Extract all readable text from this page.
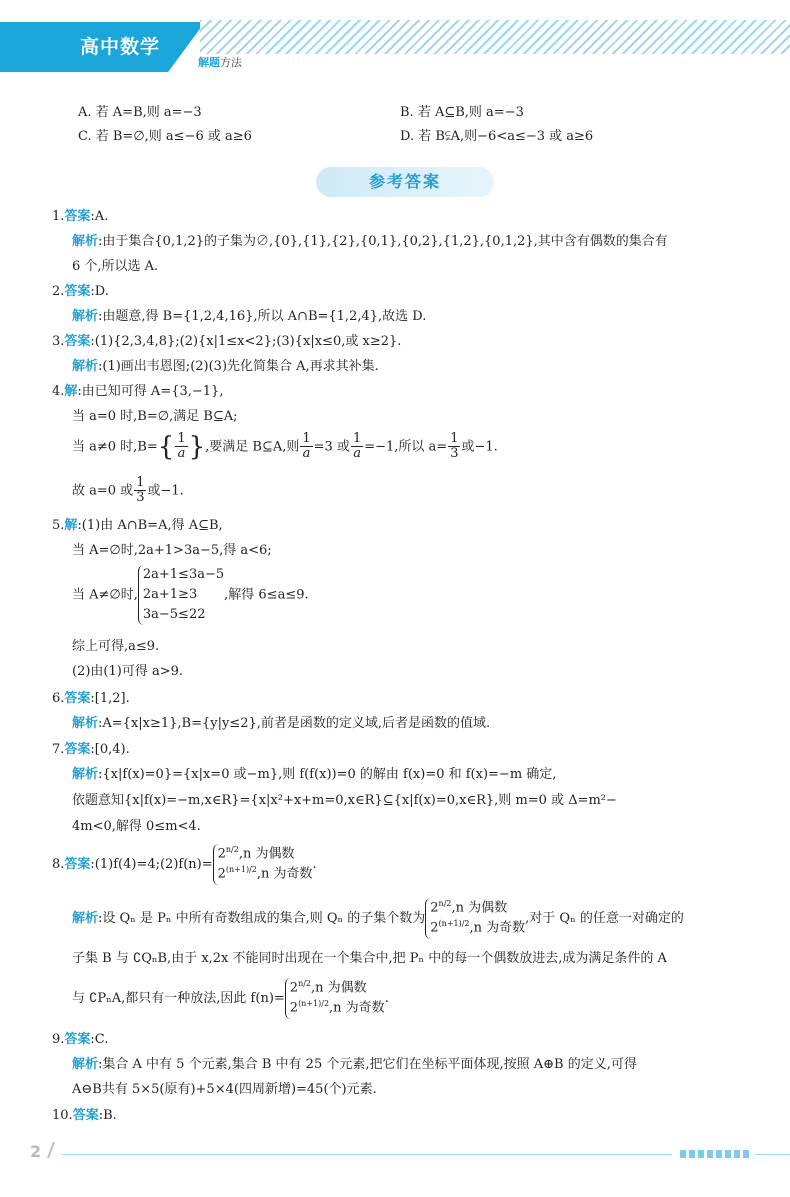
高中数学
解题方法
A. 若 A=B,则 a=−3	B. 若 A⊆B,则 a=−3
C. 若 B=∅,则 a≤−6 或 a≥6	D. 若 B⫋A,则−6<a≤−3 或 a≥6
参考答案
1.答案:A.
解析:由于集合{0,1,2}的子集为∅,{0},{1},{2},{0,1},{0,2},{1,2},{0,1,2},其中含有偶数的集合有
6 个,所以选 A.
2.答案:D.
解析:由题意,得 B={1,2,4,16},所以 A∩B={1,2,4},故选 D.
3.答案:(1){2,3,4,8};(2){x|1≤x<2};(3){x|x≤0,或 x≥2}.
解析:(1)画出韦恩图;(2)(3)先化简集合 A,再求其补集.
4.解:由已知可得 A={3,−1},
当 a=0 时,B=∅,满足 B⊆A;
当 a≠0 时$,B=\{ \frac{1}{a}$ },要满足 B⊆A,则 $\frac{1}{a} =3$ 或 $\frac{1}{a} =-1$,所以 $a= \frac{1}{3}$ 或−1.
故 a=0 或 $\frac{1}{3}$ 或−1.
5.解:(1)由 A∩B=A,得 A⊆B,
当 A=∅时,2a+1>3a−5,得 a<6;
当 A≠∅时,
2a+1≤3a−5
2a+1≥3
3a−5≤22
,解得 6≤a≤9.
综上可得,a≤9.
(2)由(1)可得 a>9.
6.答案:[1,2].
解析:A={x|x≥1},B={y|y≤2},前者是函数的定义域,后者是函数的值域.
7.答案:[0,4).
解析:{x|f(x)=0}={x|x=0 或−m},则 f(f(x))=0 的解由 f(x)=0 和 f(x)=−m 确定,
依题意知{x|f(x)=−m,x∈R}={x|x²+x+m=0,x∈R}⊆{x|f(x)=0,x∈R},则 m=0 或 Δ=m²−
4m<0,解得 0≤m<4.
8.答案:(1)f(4)=4;(2)f(n)=
$2^{n/2},n$ 为偶数
$2^{(n+1)/2},n$ 为奇数
.
解析:设 Qₙ 是 Pₙ 中所有奇数组成的集合,则 Qₙ 的子集个数为
$2^{n/2},n$ 为偶数
$2^{(n+1)/2},n$ 为奇数
,对于 Qₙ 的任意一对确定的
子集 B 与 ∁QₙB,由于 x,2x 不能同时出现在一个集合中,把 Pₙ 中的每一个偶数放进去,成为满足条件的 A
与 ∁PₙA,都只有一种放法,因此 f(n)=
$2^{n/2},n$ 为偶数
$2^{(n+1)/2},n$ 为奇数
.
9.答案:C.
解析:集合 A 中有 5 个元素,集合 B 中有 25 个元素,把它们在坐标平面体现,按照 A⊕B 的定义,可得
A⊖B共有 5×5(原有)+5×4(四周新增)=45(个)元素.
10.答案:B.
2
